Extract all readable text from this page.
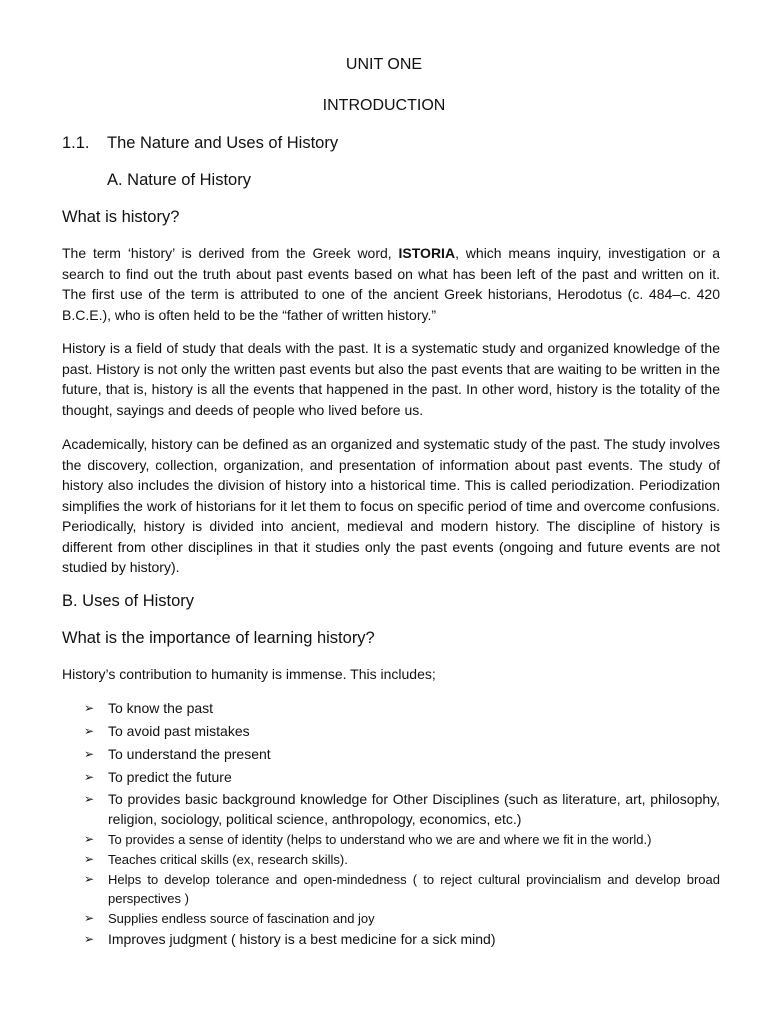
UNIT ONE
INTRODUCTION
1.1. The Nature and Uses of History
A. Nature of History
What is history?

The term ‘history’ is derived from the Greek word, ISTORIA, which means inquiry, investigation or a search to find out the truth about past events based on what has been left of the past and written on it. The first use of the term is attributed to one of the ancient Greek historians, Herodotus (c. 484–c. 420 B.C.E.), who is often held to be the “father of written history.”

History is a field of study that deals with the past. It is a systematic study and organized knowledge of the past. History is not only the written past events but also the past events that are waiting to be written in the future, that is, history is all the events that happened in the past. In other word, history is the totality of the thought, sayings and deeds of people who lived before us.

Academically, history can be defined as an organized and systematic study of the past. The study involves the discovery, collection, organization, and presentation of information about past events. The study of history also includes the division of history into a historical time. This is called periodization. Periodization simplifies the work of historians for it let them to focus on specific period of time and overcome confusions. Periodically, history is divided into ancient, medieval and modern history. The discipline of history is different from other disciplines in that it studies only the past events (ongoing and future events are not studied by history).

B. Uses of History
What is the importance of learning history?
History’s contribution to humanity is immense. This includes;
➢ To know the past
➢ To avoid past mistakes
➢ To understand the present
➢ To predict the future
➢ To provides basic background knowledge for Other Disciplines (such as literature, art, philosophy, religion, sociology, political science, anthropology, economics, etc.)
➢ To provides a sense of identity (helps to understand who we are and where we fit in the world.)
➢ Teaches critical skills (ex, research skills).
➢ Helps to develop tolerance and open-mindedness ( to reject cultural provincialism and develop broad perspectives )
➢ Supplies endless source of fascination and joy
➢ Improves judgment ( history is a best medicine for a sick mind)
